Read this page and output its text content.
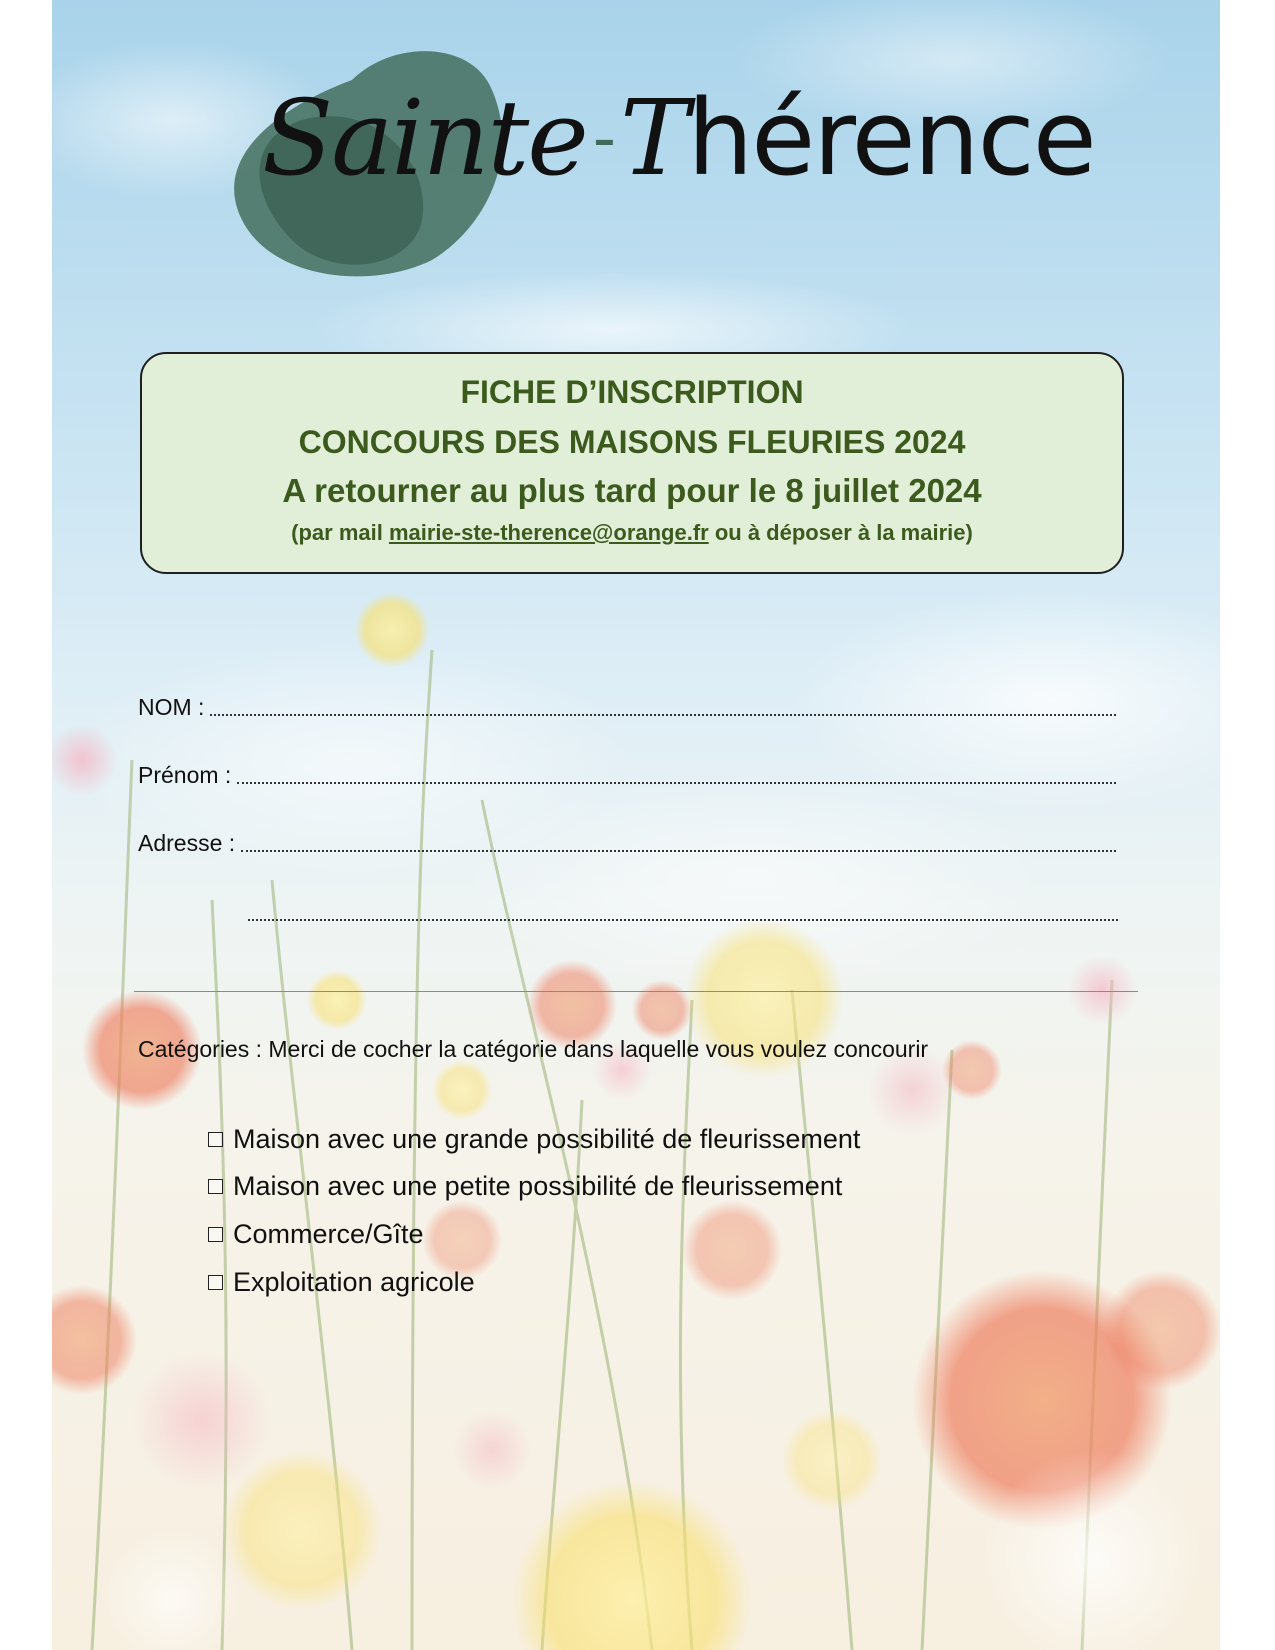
Sainte-Thérence
FICHE D’INSCRIPTION
CONCOURS DES MAISONS FLEURIES 2024
A retourner au plus tard pour le 8 juillet 2024
(par mail mairie-ste-therence@orange.fr ou à déposer à la mairie)
NOM :
Prénom :
Adresse :
Catégories : Merci de cocher la catégorie dans laquelle vous voulez concourir
Maison avec une grande possibilité de fleurissement
Maison avec une petite possibilité de fleurissement
Commerce/Gîte
Exploitation agricole
